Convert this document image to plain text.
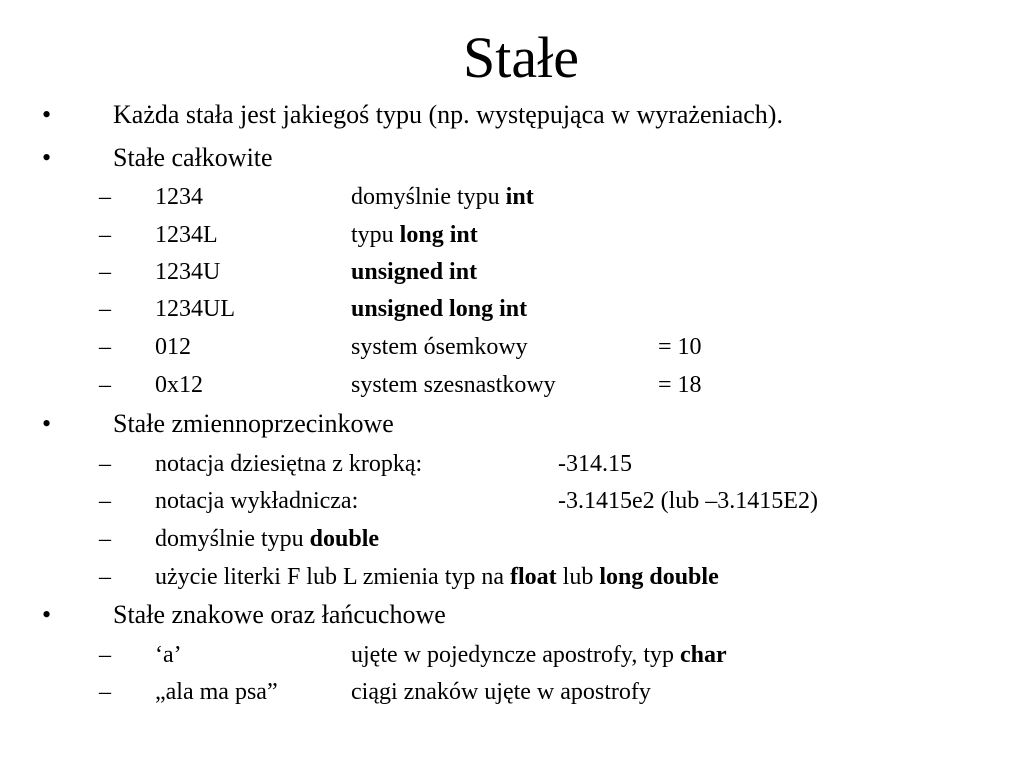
Stałe
• Każda stała jest jakiegoś typu (np. występująca w wyrażeniach).
• Stałe całkowite
– 1234	domyślnie typu int
– 1234L	typu long int
– 1234U	unsigned int
– 1234UL	unsigned long int
– 012	system ósemkowy	= 10
– 0x12	system szesnastkowy	= 18
• Stałe zmiennoprzecinkowe
– notacja dziesiętna z kropką:	-314.15
– notacja wykładnicza:	-3.1415e2 (lub –3.1415E2)
– domyślnie typu double
– użycie literki F lub L zmienia typ na float lub long double
• Stałe znakowe oraz łańcuchowe
– ‘a’	ujęte w pojedyncze apostrofy, typ char
– „ala ma psa”	ciągi znaków ujęte w apostrofy
